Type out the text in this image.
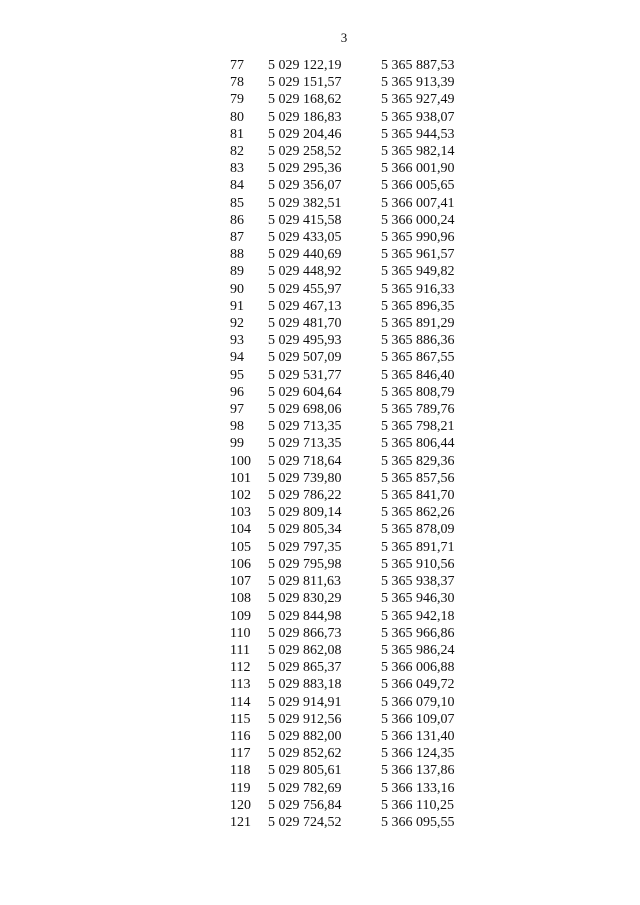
3
77	5 029 122,19	5 365 887,53
78	5 029 151,57	5 365 913,39
79	5 029 168,62	5 365 927,49
80	5 029 186,83	5 365 938,07
81	5 029 204,46	5 365 944,53
82	5 029 258,52	5 365 982,14
83	5 029 295,36	5 366 001,90
84	5 029 356,07	5 366 005,65
85	5 029 382,51	5 366 007,41
86	5 029 415,58	5 366 000,24
87	5 029 433,05	5 365 990,96
88	5 029 440,69	5 365 961,57
89	5 029 448,92	5 365 949,82
90	5 029 455,97	5 365 916,33
91	5 029 467,13	5 365 896,35
92	5 029 481,70	5 365 891,29
93	5 029 495,93	5 365 886,36
94	5 029 507,09	5 365 867,55
95	5 029 531,77	5 365 846,40
96	5 029 604,64	5 365 808,79
97	5 029 698,06	5 365 789,76
98	5 029 713,35	5 365 798,21
99	5 029 713,35	5 365 806,44
100	5 029 718,64	5 365 829,36
101	5 029 739,80	5 365 857,56
102	5 029 786,22	5 365 841,70
103	5 029 809,14	5 365 862,26
104	5 029 805,34	5 365 878,09
105	5 029 797,35	5 365 891,71
106	5 029 795,98	5 365 910,56
107	5 029 811,63	5 365 938,37
108	5 029 830,29	5 365 946,30
109	5 029 844,98	5 365 942,18
110	5 029 866,73	5 365 966,86
111	5 029 862,08	5 365 986,24
112	5 029 865,37	5 366 006,88
113	5 029 883,18	5 366 049,72
114	5 029 914,91	5 366 079,10
115	5 029 912,56	5 366 109,07
116	5 029 882,00	5 366 131,40
117	5 029 852,62	5 366 124,35
118	5 029 805,61	5 366 137,86
119	5 029 782,69	5 366 133,16
120	5 029 756,84	5 366 110,25
121	5 029 724,52	5 366 095,55
